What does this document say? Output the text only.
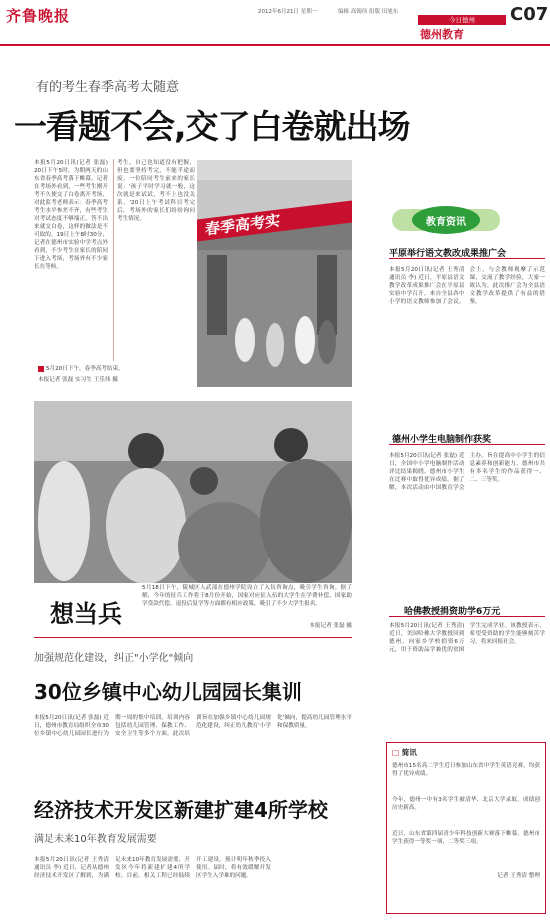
齐鲁晚报	2012年6月21日 星期一	编辑 高锡伟 组版 田旭东
今日德州
德州教育
C07
有的考生春季高考太随意
一看题不会,交了白卷就出场
本报5月20日讯(记者 张磊) 20日下午5时，为期两天的山东省春季高考落下帷幕。记者在考场外看到，一些考生刚开考不久便交了白卷离开考场，对此监考老师表示：春季高考考生水平参差不齐，有些考生对考试态度不够端正，答不出来就交白卷，这样的做法是不可取的。19日上午8时30分，记者在德州市实验中学考点外看到，不少考生在家长的陪同下进入考场，考场外有不少家长在等候。
考生，自己也知道没有把握，但也要坚持考完，不能半途而废。一位陪同考生前来的家长说：'孩子平时学习就一般，这次就是来试试，考不上也没关系。'20日上午考试科目考完后，考场外的家长们纷纷询问考生情况。	春季高考实
5月20日下午，春季高考结束。
本报记者 张磊 实习生 王乐伟 摄
教育资讯
平原举行语文教改成果推广会
本报5月20日讯(记者 王秀清 通讯员 李) 近日，平原县语文教学改革成果推广会在平原县实验中学召开，来自全县各中小学的语文教师参加了会议。会上，与会教师观摩了示范课，交流了教学经验，大家一致认为，此次推广会为全县语文教学改革提供了有益的借鉴。
德州小学生电脑制作获奖
本报5月20日讯(记者 张磊) 近日，全国中小学电脑制作活动评比结果揭晓，德州市小学生在比赛中取得优异成绩。据了解，本次活动由中国教育学会主办，旨在提高中小学生的信息素养和创新能力，德州市共有多名学生的作品获得一、二、三等奖。
哈佛教授捐资助学6万元
本报5月20日讯(记者 王秀清) 近日，美国哈佛大学教授回到德州，向家乡学校捐资6万元，用于资助品学兼优的贫困学生完成学业。该教授表示，希望受资助的学生能够刻苦学习，将来回报社会。
□ 简讯
德州市15名高二学生近日参加山东省中学生英语竞赛，均获得了优异成绩。
今年，德州一中有3名学生被清华、北京大学录取，成绩创历史新高。
近日，山东省第四届青少年科技创新大赛落下帷幕，德州市学生获得一等奖一项，二等奖三项。
记者 王秀清 整理
想当兵
5月18日下午，陵城区人武部在德州学院设立了入伍咨询点，吸引学生咨询。据了解，今年的征兵工作将于8月份开始，国家对应征入伍的大学生在学费补偿、国家助学贷款代偿、退役后复学等方面都有相应政策，吸引了不少大学生报名。
本报记者 张磊 摄
加强规范化建设，纠正"小学化"倾向
30位乡镇中心幼儿园园长集训
本报5月20日讯(记者 张磊) 近日，德州市教育局组织全市30位乡镇中心幼儿园园长进行为期一周的集中培训。培训内容包括幼儿园管理、保教工作、安全卫生等多个方面。此次培训旨在加强乡镇中心幼儿园规范化建设，纠正幼儿教育'小学化'倾向，提高幼儿园管理水平和保教质量。
经济技术开发区新建扩建4所学校
满足未来10年教育发展需要
本报5月20日讯(记者 王秀清 通讯员 李) 近日，记者从德州经济技术开发区了解到，为满足未来10年教育发展需要，开发区今年将新建扩建4所学校。目前，相关工程已经陆续开工建设，预计明年秋季投入使用。届时，将有效缓解开发区学生入学难的问题。
